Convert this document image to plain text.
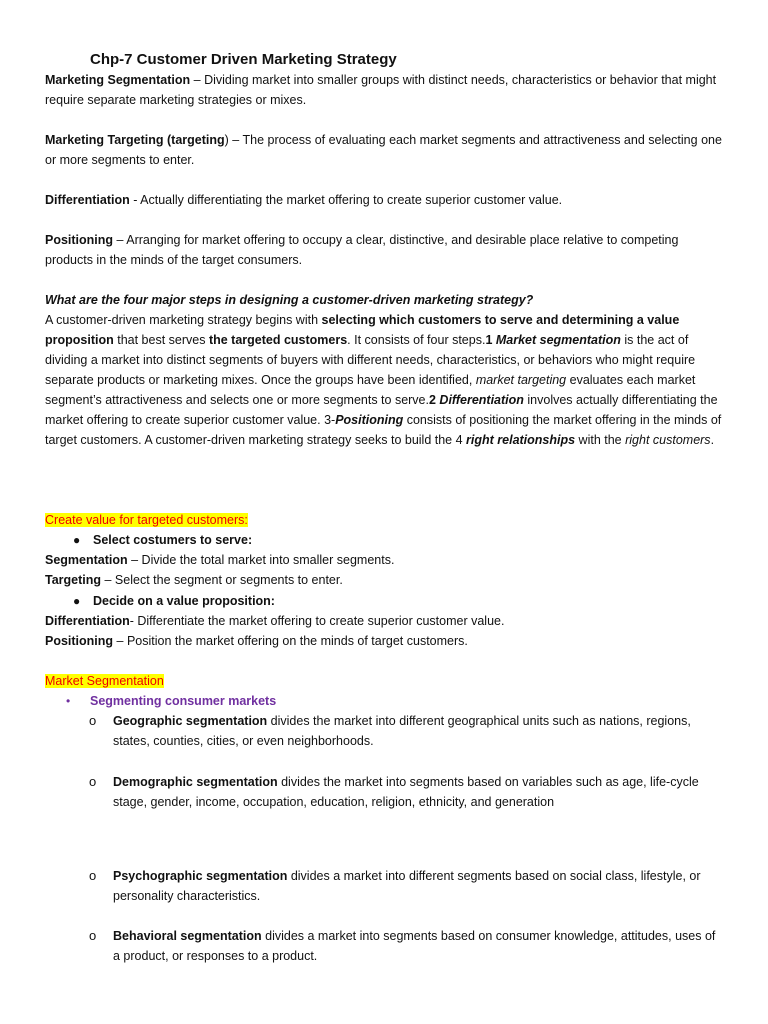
Chp-7 Customer Driven Marketing Strategy

Marketing Segmentation – Dividing market into smaller groups with distinct needs, characteristics or behavior that might require separate marketing strategies or mixes.

Marketing Targeting (targeting) – The process of evaluating each market segments and attractiveness and selecting one or more segments to enter.

Differentiation - Actually differentiating the market offering to create superior customer value.

Positioning – Arranging for market offering to occupy a clear, distinctive, and desirable place relative to competing products in the minds of the target consumers.

What are the four major steps in designing a customer-driven marketing strategy?

A customer-driven marketing strategy begins with selecting which customers to serve and determining a value proposition that best serves the targeted customers. It consists of four steps.1 Market segmentation is the act of dividing a market into distinct segments of buyers with different needs, characteristics, or behaviors who might require separate products or marketing mixes. Once the groups have been identified, market targeting evaluates each market segment’s attractiveness and selects one or more segments to serve.2 Differentiation involves actually differentiating the market offering to create superior customer value. 3-Positioning consists of positioning the market offering in the minds of target customers. A customer-driven marketing strategy seeks to build the 4 right relationships with the right customers.

Create value for targeted customers:

● Select costumers to serve:

Segmentation – Divide the total market into smaller segments.

Targeting – Select the segment or segments to enter.

● Decide on a value proposition:

Differentiation- Differentiate the market offering to create superior customer value.

Positioning – Position the market offering on the minds of target customers.

Market Segmentation

• Segmenting consumer markets
o Geographic segmentation divides the market into different geographical units such as nations, regions, states, counties, cities, or even neighborhoods.

o Demographic segmentation divides the market into segments based on variables such as age, life-cycle stage, gender, income, occupation, education, religion, ethnicity, and generation

o Psychographic segmentation divides a market into different segments based on social class, lifestyle, or personality characteristics.

o Behavioral segmentation divides a market into segments based on consumer knowledge, attitudes, uses of a product, or responses to a product.
